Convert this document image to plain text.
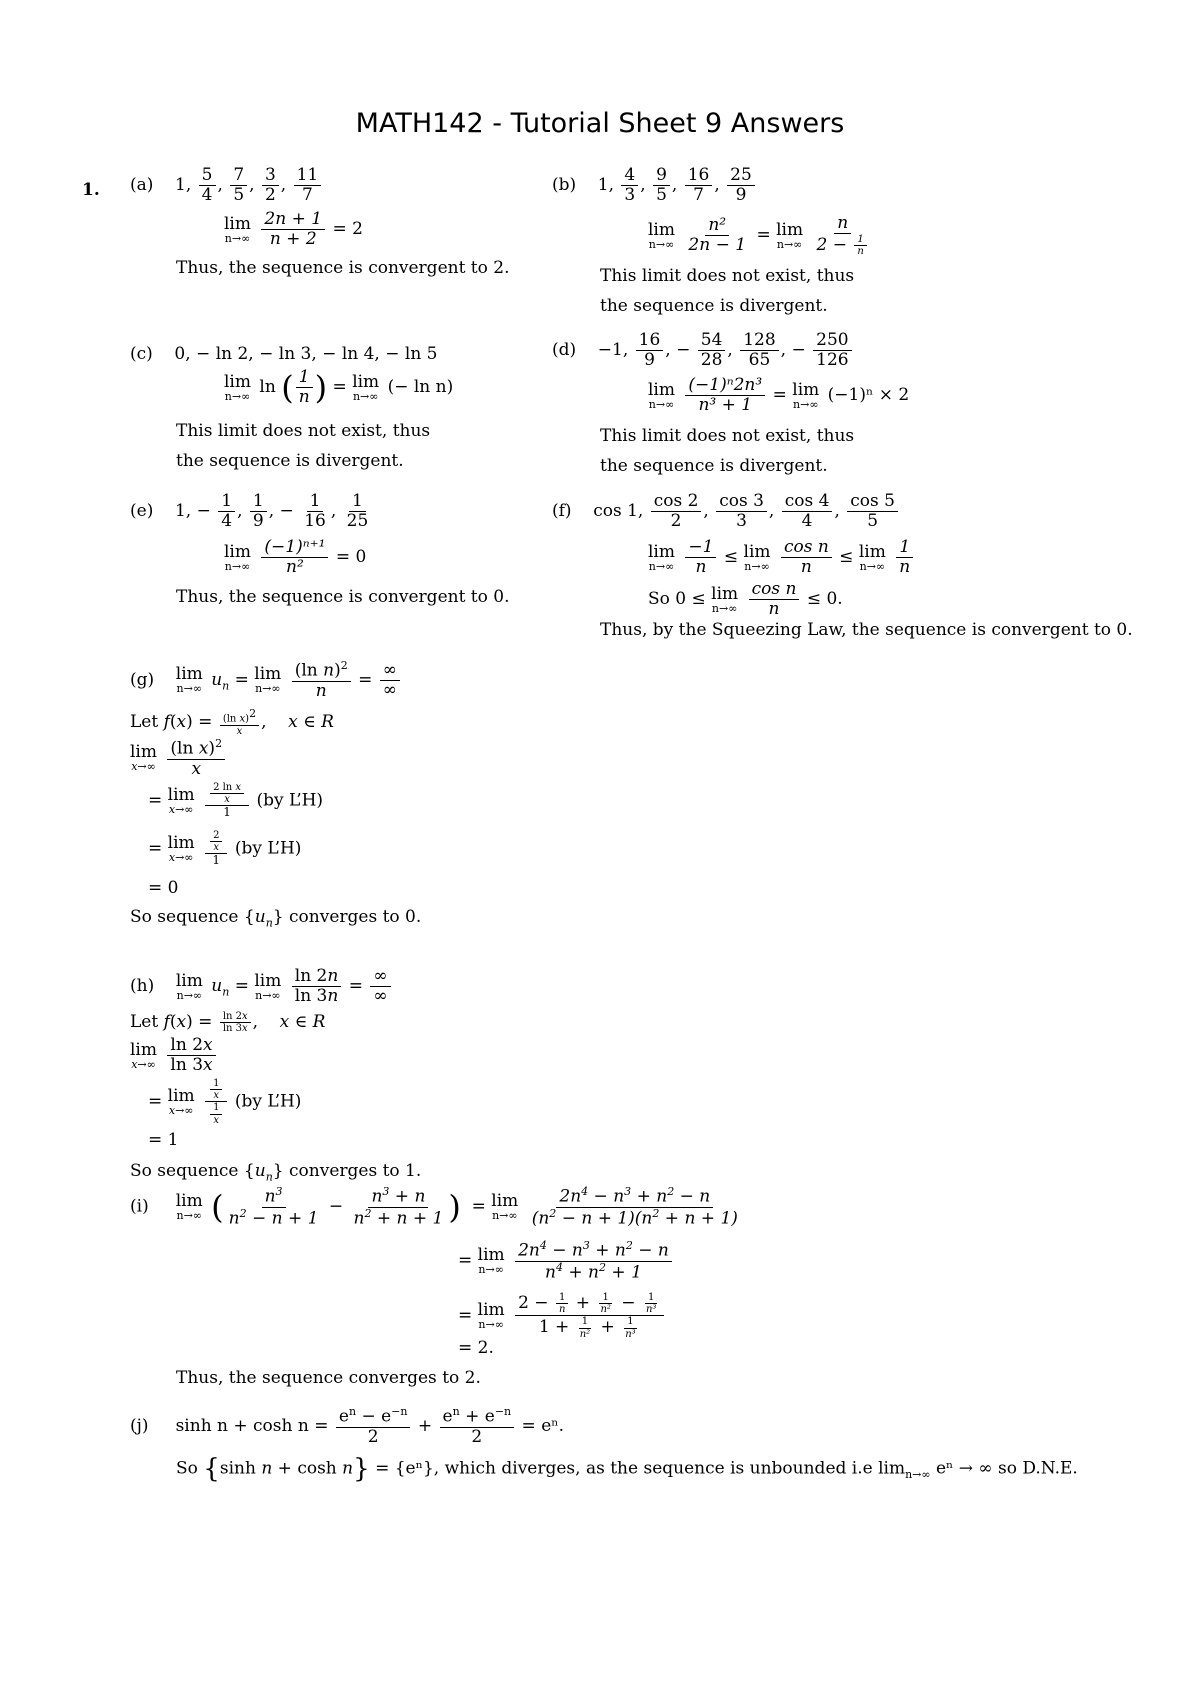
MATH142 - Tutorial Sheet 9 Answers
1. (a) 1, $\frac{5}{4}$ , $\frac{7}{5}$ , $\frac{3}{2}$ , $\frac{11}{7}$
lim
n→∞
$\frac{2n + 1}{n + 2} = 2$
Thus, the sequence is convergent to 2.
(b) 1, $\frac{4}{3}$ , $\frac{9}{5}$ , $\frac{16}{7}$ , $\frac{25}{9}$
lim
n→∞
$\frac{\text{n²}}{2n - 1} = \lim$
n→∞
$\frac{n}{2 - \frac{1}{n}}$
This limit does not exist, thus
the sequence is divergent.
(c) 0, − ln 2, − ln 3, − ln 4, − ln 5
lim
n→∞ ln ( $\frac{1}{n}$ ) = lim
n→∞ (− ln n)
This limit does not exist, thus
the sequence is divergent.
(d) −1, $\frac{16}{9}$ , − $\frac{54}{28}$ , $\frac{128}{65}$ , − $\frac{250}{126}$
lim
n→∞
$\frac{\text{(−1)ⁿ2n³}}{\text{n³ + 1}} = \lim$
n→∞ (−1)ⁿ × 2
This limit does not exist, thus
the sequence is divergent.
(e) 1, − $\frac{1}{4}$ , $\frac{1}{9}$ , − $\frac{1}{16}$ , $\frac{1}{25}$
lim
n→∞
$\frac{\text{(−1)ⁿ⁺¹}}{\text{n²}} = 0$
Thus, the sequence is convergent to 0.
(f) cos 1, $\frac{\cos 2}{2}$ , $\frac{\cos 3}{3}$ , $\frac{\cos 4}{4}$ , $\frac{\cos 5}{5}$
lim
n→∞
$\frac{-1}{n} \le \lim$
n→∞
$\frac{\text{cos n}}{n} \le \lim$
n→∞
$\frac{1}{n}$
So 0 ≤ lim
n→∞
$\frac{\text{cos n}}{n} \le 0$.
Thus, by the Squeezing Law, the sequence is convergent to 0.
(g) lim
n→∞ $u_n = \lim$
n→∞
$\frac{(\ln n)^2}{n} = \frac{\infty}{\infty}$
Let $f(x) = \frac{(\ln x)^2}{x}$ ,    x ∈ R
lim
x→∞
$\frac{(\ln x)^2}{x}$
= lim
x→∞
$\frac{\frac{\text{2 ln x}}{x}}{1} (by$ L’H)
= lim
x→∞
$\frac{\frac{2}{x}}{1} (by$ L’H)
= 0
So sequence $\{u_n\}$ converges to 0.
(h) lim
n→∞ $u_n = \lim$
n→∞
$\frac{\ln 2n}{\ln 3n} = \frac{\infty}{\infty}$
Let $f(x) = \frac{\ln 2x}{\ln 3x}$ ,    x ∈ R
lim
x→∞
$\frac{\ln 2x}{\ln 3x}$
= lim
x→∞
$\frac{\frac{1}{x}}{\frac{1}{x}} (by$ L’H)
= 1
So sequence $\{u_n\}$ converges to 1.
(i) lim
n→∞ ( $\frac{n^3}{n^2 - n + 1} - \frac{n^3 + n}{n^2 + n + 1}$ )  = lim
n→∞
$\frac{2n^4 - n^3 + n^2 - n}{(n^2 - n + 1)(n^2 + n + 1)}$
= lim
n→∞
$\frac{2n^4 - n^3 + n^2 - n}{n^4 + n^2 + 1}$
= lim
n→∞
$\frac{2 - \frac{1}{n} + \frac{1}{\text{n²}} - \frac{1}{\text{n³}}}{1 + \frac{1}{\text{n²}} + \frac{1}{\text{n³}}}$
= 2.
Thus, the sequence converges to 2.
(j) $\sinh n + \cosh n = \frac{e^n - e^{-n}}{2} + \frac{e^n + e^{-n}}{2} = e^n$.
So {sinh n + cosh n} = {eⁿ}, which diverges, as the sequence is unbounded i.e $\lim_{n\to\infty} e^n$ → ∞ so D.N.E.
